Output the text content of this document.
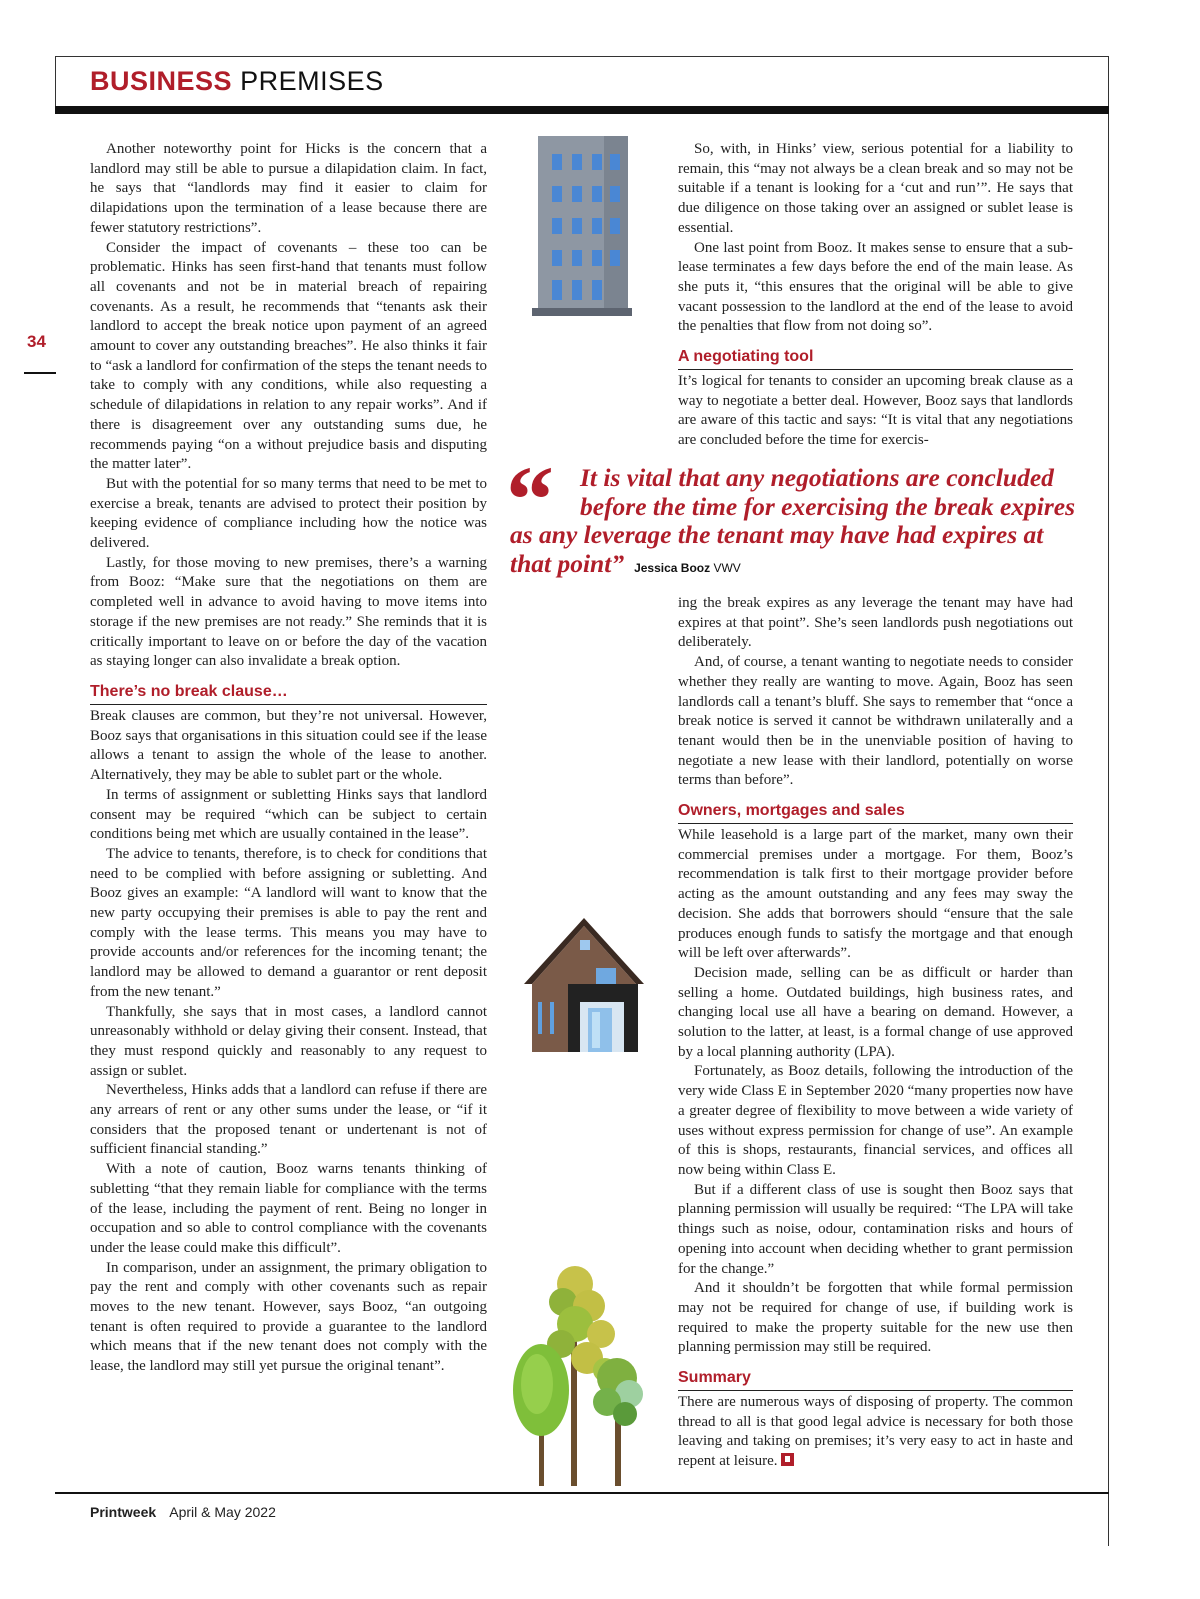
BUSINESS PREMISES
34

Another noteworthy point for Hicks is the concern that a landlord may still be able to pursue a dilapidation claim. In fact, he says that “landlords may find it easier to claim for dilapidations upon the termination of a lease because there are fewer statutory restrictions”.

Consider the impact of covenants – these too can be problematic. Hinks has seen first-hand that tenants must follow all covenants and not be in material breach of repairing covenants. As a result, he recommends that “tenants ask their landlord to accept the break notice upon payment of an agreed amount to cover any outstanding breaches”. He also thinks it fair to “ask a landlord for confirmation of the steps the tenant needs to take to comply with any conditions, while also requesting a schedule of dilapidations in relation to any repair works”. And if there is disagreement over any outstanding sums due, he recommends paying “on a without prejudice basis and disputing the matter later”.

But with the potential for so many terms that need to be met to exercise a break, tenants are advised to protect their position by keeping evidence of compliance including how the notice was delivered.

Lastly, for those moving to new premises, there’s a warning from Booz: “Make sure that the negotiations on them are completed well in advance to avoid having to move items into storage if the new premises are not ready.” She reminds that it is critically important to leave on or before the day of the vacation as staying longer can also invalidate a break option.

There’s no break clause…

Break clauses are common, but they’re not universal. However, Booz says that organisations in this situation could see if the lease allows a tenant to assign the whole of the lease to another. Alternatively, they may be able to sublet part or the whole.

In terms of assignment or subletting Hinks says that landlord consent may be required “which can be subject to certain conditions being met which are usually contained in the lease”.

The advice to tenants, therefore, is to check for conditions that need to be complied with before assigning or subletting. And Booz gives an example: “A landlord will want to know that the new party occupying their premises is able to pay the rent and comply with the lease terms. This means you may have to provide accounts and/or references for the incoming tenant; the landlord may be allowed to demand a guarantor or rent deposit from the new tenant.”

Thankfully, she says that in most cases, a landlord cannot unreasonably withhold or delay giving their consent. Instead, that they must respond quickly and reasonably to any request to assign or sublet.

Nevertheless, Hinks adds that a landlord can refuse if there are any arrears of rent or any other sums under the lease, or “if it considers that the proposed tenant or undertenant is not of sufficient financial standing.”

With a note of caution, Booz warns tenants thinking of subletting “that they remain liable for compliance with the terms of the lease, including the payment of rent. Being no longer in occupation and so able to control compliance with the covenants under the lease could make this difficult”.

In comparison, under an assignment, the primary obligation to pay the rent and comply with other covenants such as repair moves to the new tenant. However, says Booz, “an outgoing tenant is often required to provide a guarantee to the landlord which means that if the new tenant does not comply with the lease, the landlord may still yet pursue the original tenant”.

So, with, in Hinks’ view, serious potential for a liability to remain, this “may not always be a clean break and so may not be suitable if a tenant is looking for a ‘cut and run’”. He says that due diligence on those taking over an assigned or sublet lease is essential.

One last point from Booz. It makes sense to ensure that a sub-lease terminates a few days before the end of the main lease. As she puts it, “this ensures that the original will be able to give vacant possession to the landlord at the end of the lease to avoid the penalties that flow from not doing so”.

A negotiating tool

It’s logical for tenants to consider an upcoming break clause as a way to negotiate a better deal. However, Booz says that landlords are aware of this tactic and says: “It is vital that any negotiations are concluded before the time for exercis-

“	It is vital that any negotiations are concluded
before the time for exercising the break expires
as any leverage the tenant may have had expires at
that point” Jessica Booz VWV

ing the break expires as any leverage the tenant may have had expires at that point”. She’s seen landlords push negotiations out deliberately.

And, of course, a tenant wanting to negotiate needs to consider whether they really are wanting to move. Again, Booz has seen landlords call a tenant’s bluff. She says to remember that “once a break notice is served it cannot be withdrawn unilaterally and a tenant would then be in the unenviable position of having to negotiate a new lease with their landlord, potentially on worse terms than before”.

Owners, mortgages and sales

While leasehold is a large part of the market, many own their commercial premises under a mortgage. For them, Booz’s recommendation is talk first to their mortgage provider before acting as the amount outstanding and any fees may sway the decision. She adds that borrowers should “ensure that the sale produces enough funds to satisfy the mortgage and that enough will be left over afterwards”.

Decision made, selling can be as difficult or harder than selling a home. Outdated buildings, high business rates, and changing local use all have a bearing on demand. However, a solution to the latter, at least, is a formal change of use approved by a local planning authority (LPA).

Fortunately, as Booz details, following the introduction of the very wide Class E in September 2020 “many properties now have a greater degree of flexibility to move between a wide variety of uses without express permission for change of use”. An example of this is shops, restaurants, financial services, and offices all now being within Class E.

But if a different class of use is sought then Booz says that planning permission will usually be required: “The LPA will take things such as noise, odour, contamination risks and hours of opening into account when deciding whether to grant permission for the change.”

And it shouldn’t be forgotten that while formal permission may not be required for change of use, if building work is required to make the property suitable for the new use then planning permission may still be required.

Summary

There are numerous ways of disposing of property. The common thread to all is that good legal advice is necessary for both those leaving and taking on premises; it’s very easy to act in haste and repent at leisure.

Printweek April & May 2022
